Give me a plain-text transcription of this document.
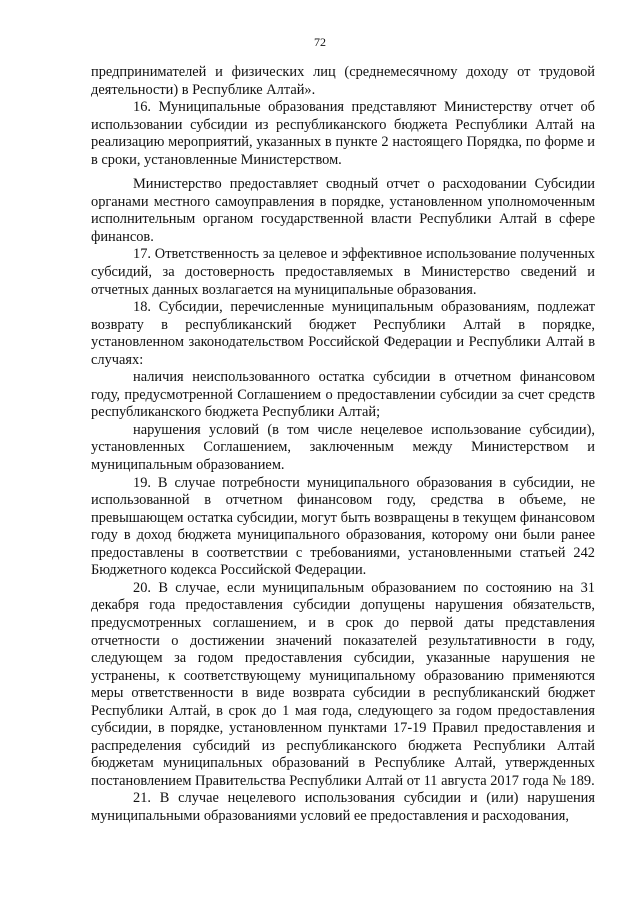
72

предпринимателей и физических лиц (среднемесячному доходу от трудовой деятельности) в Республике Алтай».

16. Муниципальные образования представляют Министерству отчет об использовании субсидии из республиканского бюджета Республики Алтай на реализацию мероприятий, указанных в пункте 2 настоящего Порядка, по форме и в сроки, установленные Министерством.

Министерство предоставляет сводный отчет о расходовании Субсидии органами местного самоуправления в порядке, установленном уполномоченным исполнительным органом государственной власти Республики Алтай в сфере финансов.

17. Ответственность за целевое и эффективное использование полученных субсидий, за достоверность предоставляемых в Министерство сведений и отчетных данных возлагается на муниципальные образования.

18. Субсидии, перечисленные муниципальным образованиям, подлежат возврату в республиканский бюджет Республики Алтай в порядке, установленном законодательством Российской Федерации и Республики Алтай в случаях:

наличия неиспользованного остатка субсидии в отчетном финансовом году, предусмотренной Соглашением о предоставлении субсидии за счет средств республиканского бюджета Республики Алтай;

нарушения условий (в том числе нецелевое использование субсидии), установленных Соглашением, заключенным между Министерством и муниципальным образованием.

19. В случае потребности муниципального образования в субсидии, не использованной в отчетном финансовом году, средства в объеме, не превышающем остатка субсидии, могут быть возвращены в текущем финансовом году в доход бюджета муниципального образования, которому они были ранее предоставлены в соответствии с требованиями, установленными статьей 242 Бюджетного кодекса Российской Федерации.

20. В случае, если муниципальным образованием по состоянию на 31 декабря года предоставления субсидии допущены нарушения обязательств, предусмотренных соглашением, и в срок до первой даты представления отчетности о достижении значений показателей результативности в году, следующем за годом предоставления субсидии, указанные нарушения не устранены, к соответствующему муниципальному образованию применяются меры ответственности в виде возврата субсидии в республиканский бюджет Республики Алтай, в срок до 1 мая года, следующего за годом предоставления субсидии, в порядке, установленном пунктами 17-19 Правил предоставления и распределения субсидий из республиканского бюджета Республики Алтай бюджетам муниципальных образований в Республике Алтай, утвержденных постановлением Правительства Республики Алтай от 11 августа 2017 года № 189.

21. В случае нецелевого использования субсидии и (или) нарушения муниципальными образованиями условий ее предоставления и расходования,
